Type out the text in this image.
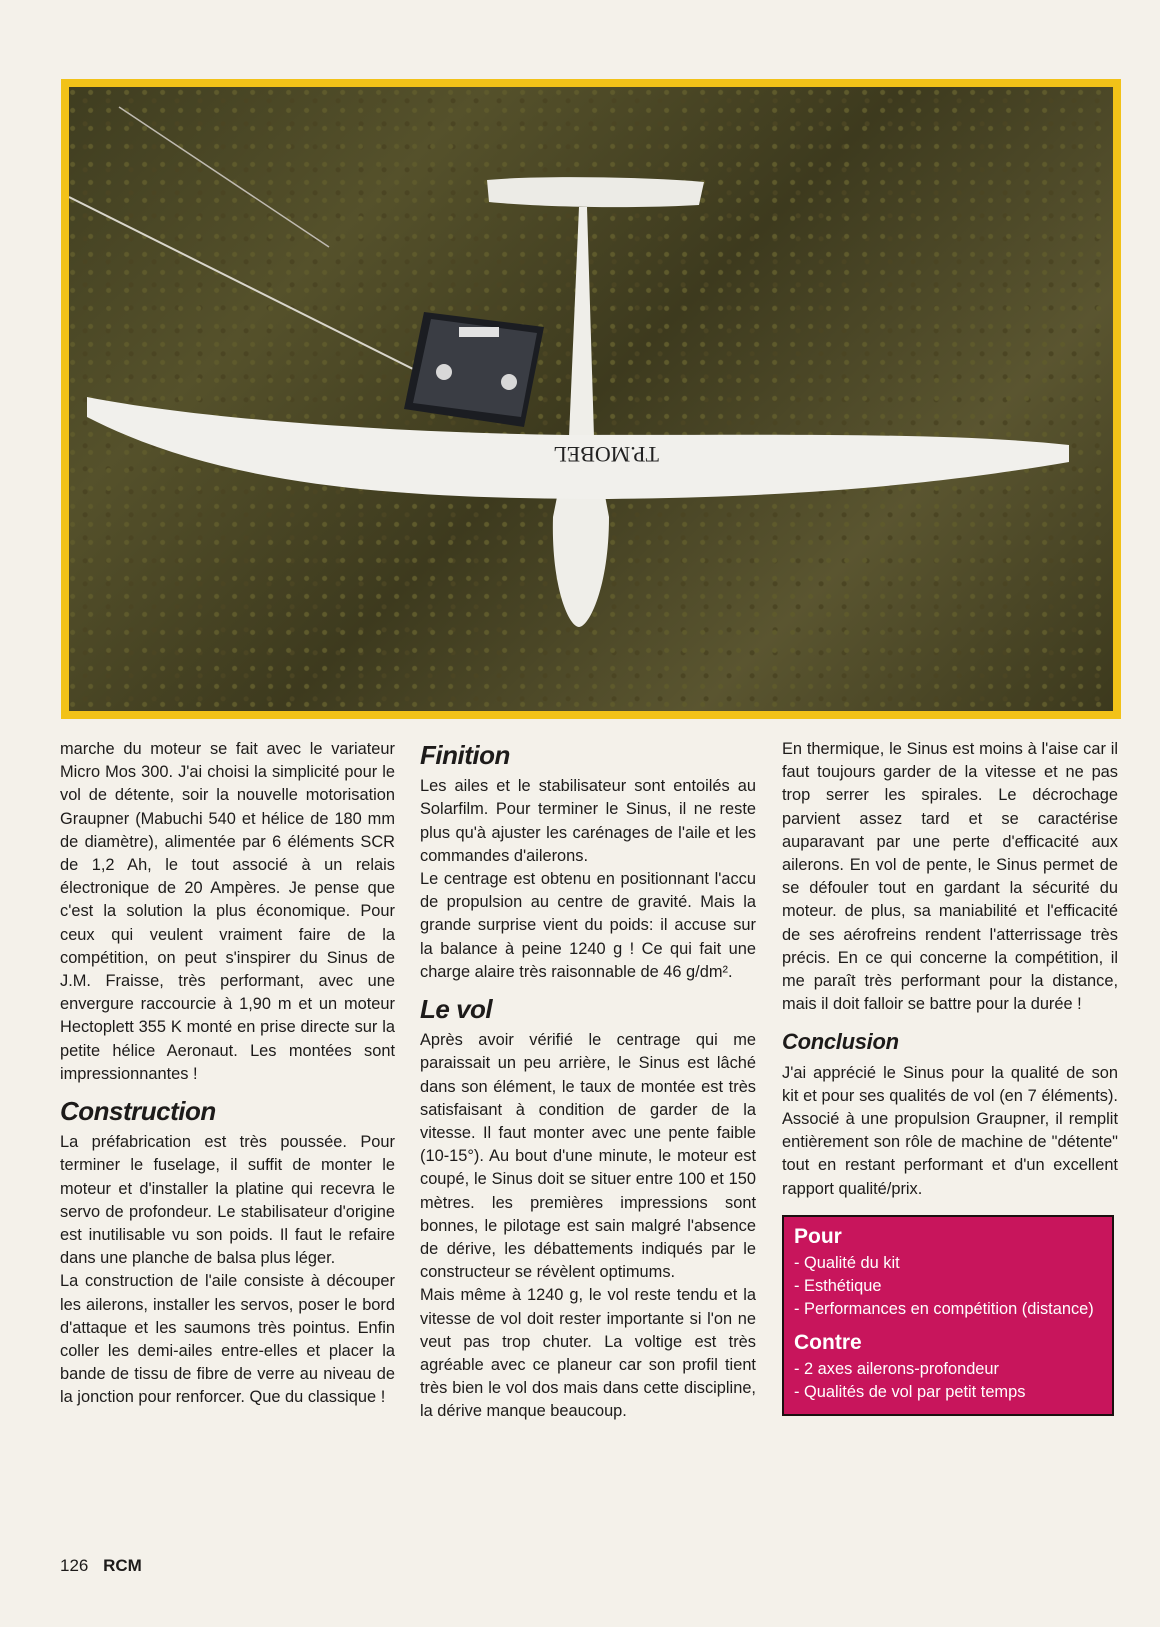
TP.MOBEL

marche du moteur se fait avec le variateur Micro Mos 300. J'ai choisi la simplicité pour le vol de détente, soir la nouvelle motorisation Graupner (Mabuchi 540 et hélice de 180 mm de diamètre), alimentée par 6 éléments SCR de 1,2 Ah, le tout associé à un relais électronique de 20 Ampères. Je pense que c'est la solution la plus économique. Pour ceux qui veulent vraiment faire de la compétition, on peut s'inspirer du Sinus de J.M. Fraisse, très performant, avec une envergure raccourcie à 1,90 m et un moteur Hectoplett 355 K monté en prise directe sur la petite hélice Aeronaut. Les montées sont impressionnantes !

Construction

La préfabrication est très poussée. Pour terminer le fuselage, il suffit de monter le moteur et d'installer la platine qui recevra le servo de profondeur. Le stabilisateur d'origine est inutilisable vu son poids. Il faut le refaire dans une planche de balsa plus léger.

La construction de l'aile consiste à découper les ailerons, installer les servos, poser le bord d'attaque et les saumons très pointus. Enfin coller les demi-ailes entre-elles et placer la bande de tissu de fibre de verre au niveau de la jonction pour renforcer. Que du classique !

Finition

Les ailes et le stabilisateur sont entoilés au Solarfilm. Pour terminer le Sinus, il ne reste plus qu'à ajuster les carénages de l'aile et les commandes d'ailerons.

Le centrage est obtenu en positionnant l'accu de propulsion au centre de gravité. Mais la grande surprise vient du poids: il accuse sur la balance à peine 1240 g ! Ce qui fait une charge alaire très raisonnable de 46 g/dm².

Le vol

Après avoir vérifié le centrage qui me paraissait un peu arrière, le Sinus est lâché dans son élément, le taux de montée est très satisfaisant à condition de garder de la vitesse. Il faut monter avec une pente faible (10-15°). Au bout d'une minute, le moteur est coupé, le Sinus doit se situer entre 100 et 150 mètres. les premières impressions sont bonnes, le pilotage est sain malgré l'absence de dérive, les débattements indiqués par le constructeur se révèlent optimums.

Mais même à 1240 g, le vol reste tendu et la vitesse de vol doit rester importante si l'on ne veut pas trop chuter. La voltige est très agréable avec ce planeur car son profil tient très bien le vol dos mais dans cette discipline, la dérive manque beaucoup.

En thermique, le Sinus est moins à l'aise car il faut toujours garder de la vitesse et ne pas trop serrer les spirales. Le décrochage parvient assez tard et se caractérise auparavant par une perte d'efficacité aux ailerons. En vol de pente, le Sinus permet de se défouler tout en gardant la sécurité du moteur. de plus, sa maniabilité et l'efficacité de ses aérofreins rendent l'atterrissage très précis. En ce qui concerne la compétition, il me paraît très performant pour la distance, mais il doit falloir se battre pour la durée !

Conclusion

J'ai apprécié le Sinus pour la qualité de son kit et pour ses qualités de vol (en 7 éléments). Associé à une propulsion Graupner, il remplit entièrement son rôle de machine de "détente" tout en restant performant et d'un excellent rapport qualité/prix.

Pour
- Qualité du kit
- Esthétique
- Performances en compétition (distance)
Contre
- 2 axes ailerons-profondeur
- Qualités de vol par petit temps
126 RCM
